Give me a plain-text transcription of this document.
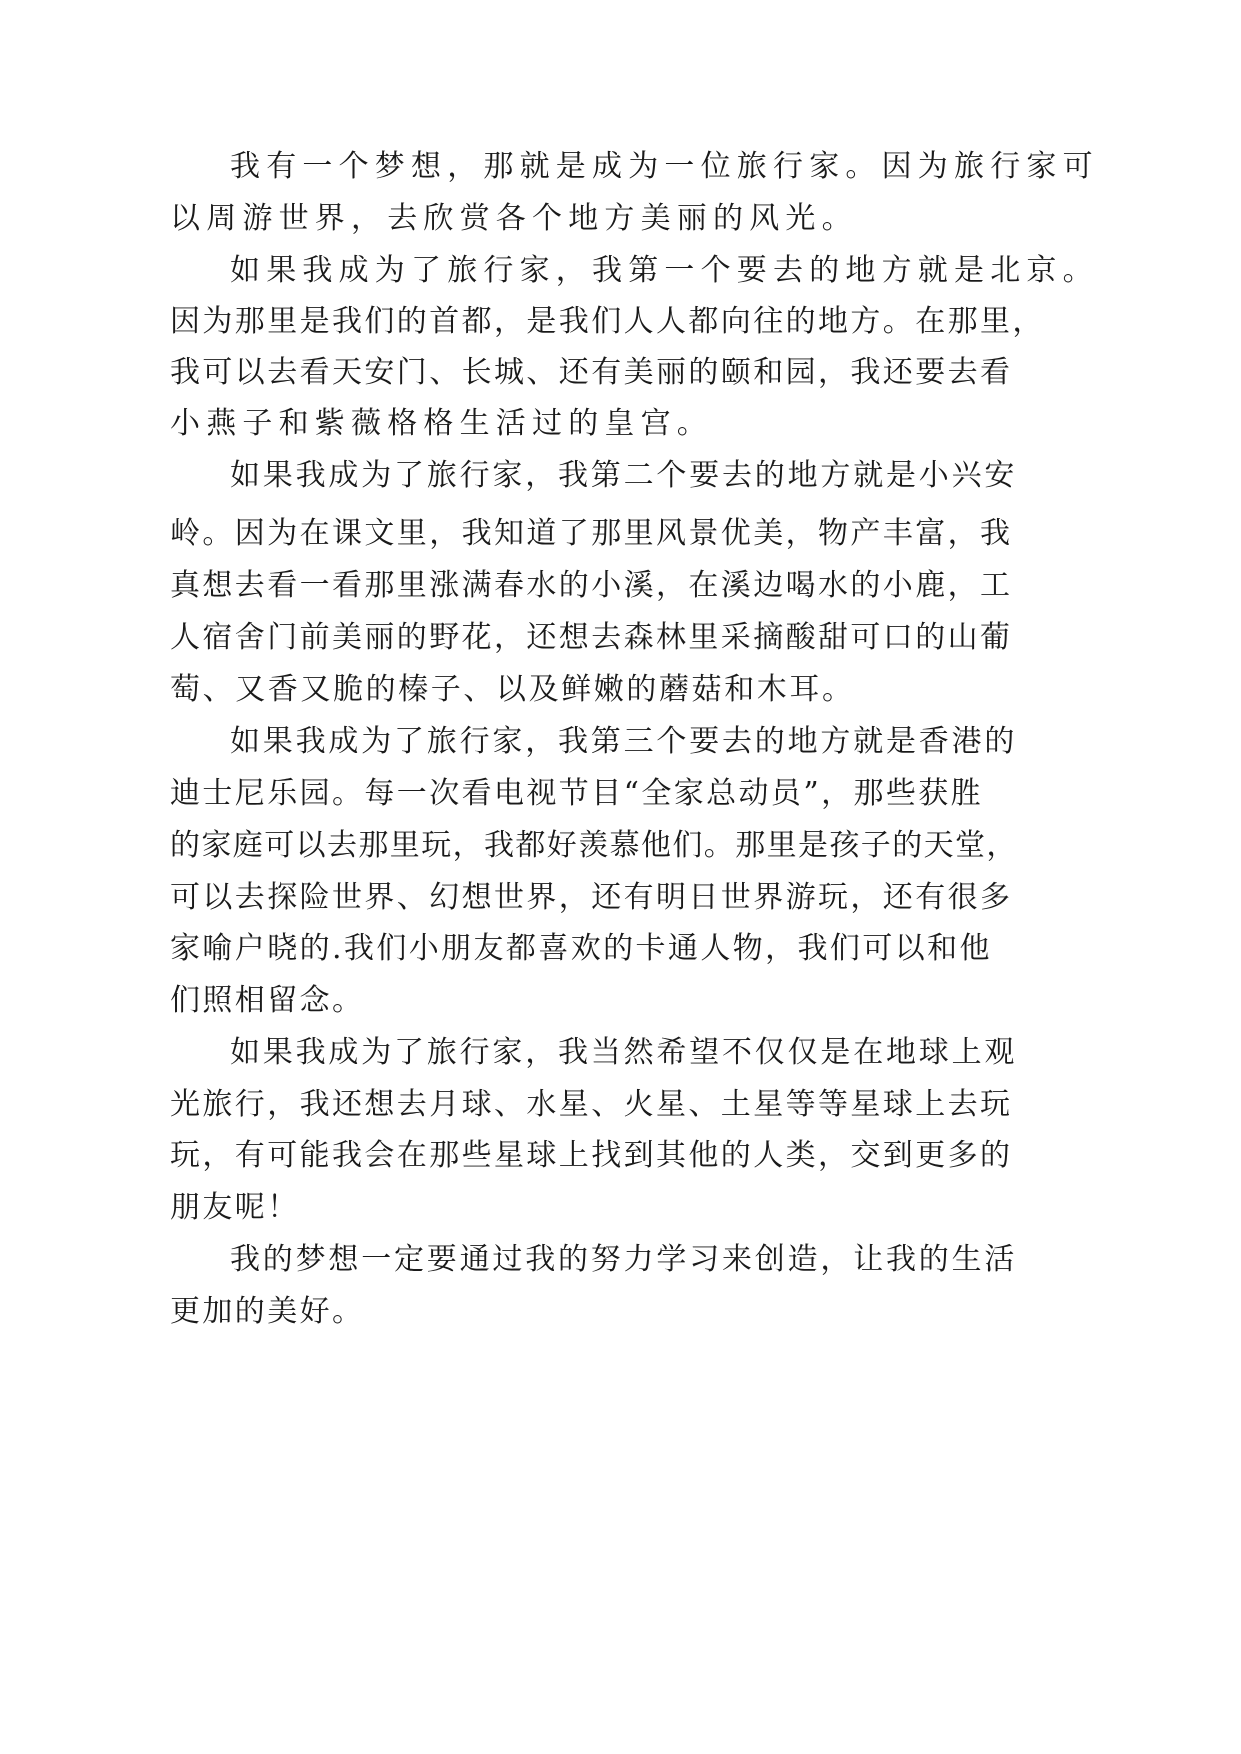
我有一个梦想，那就是成为一位旅行家。因为旅行家可
以周游世界，去欣赏各个地方美丽的风光。
如果我成为了旅行家，我第一个要去的地方就是北京。
因为那里是我们的首都，是我们人人都向往的地方。在那里，
我可以去看天安门、长城、还有美丽的颐和园，我还要去看
小燕子和紫薇格格生活过的皇宫。
如果我成为了旅行家，我第二个要去的地方就是小兴安
岭。因为在课文里，我知道了那里风景优美，物产丰富，我
真想去看一看那里涨满春水的小溪，在溪边喝水的小鹿，工
人宿舍门前美丽的野花，还想去森林里采摘酸甜可口的山葡
萄、又香又脆的榛子、以及鲜嫩的蘑菇和木耳。
如果我成为了旅行家，我第三个要去的地方就是香港的
迪士尼乐园。每一次看电视节目“全家总动员”，那些获胜
的家庭可以去那里玩，我都好羡慕他们。那里是孩子的天堂，
可以去探险世界、幻想世界，还有明日世界游玩，还有很多
家喻户晓的.我们小朋友都喜欢的卡通人物，我们可以和他
们照相留念。
如果我成为了旅行家，我当然希望不仅仅是在地球上观
光旅行，我还想去月球、水星、火星、土星等等星球上去玩
玩，有可能我会在那些星球上找到其他的人类，交到更多的
朋友呢！
我的梦想一定要通过我的努力学习来创造，让我的生活
更加的美好。
